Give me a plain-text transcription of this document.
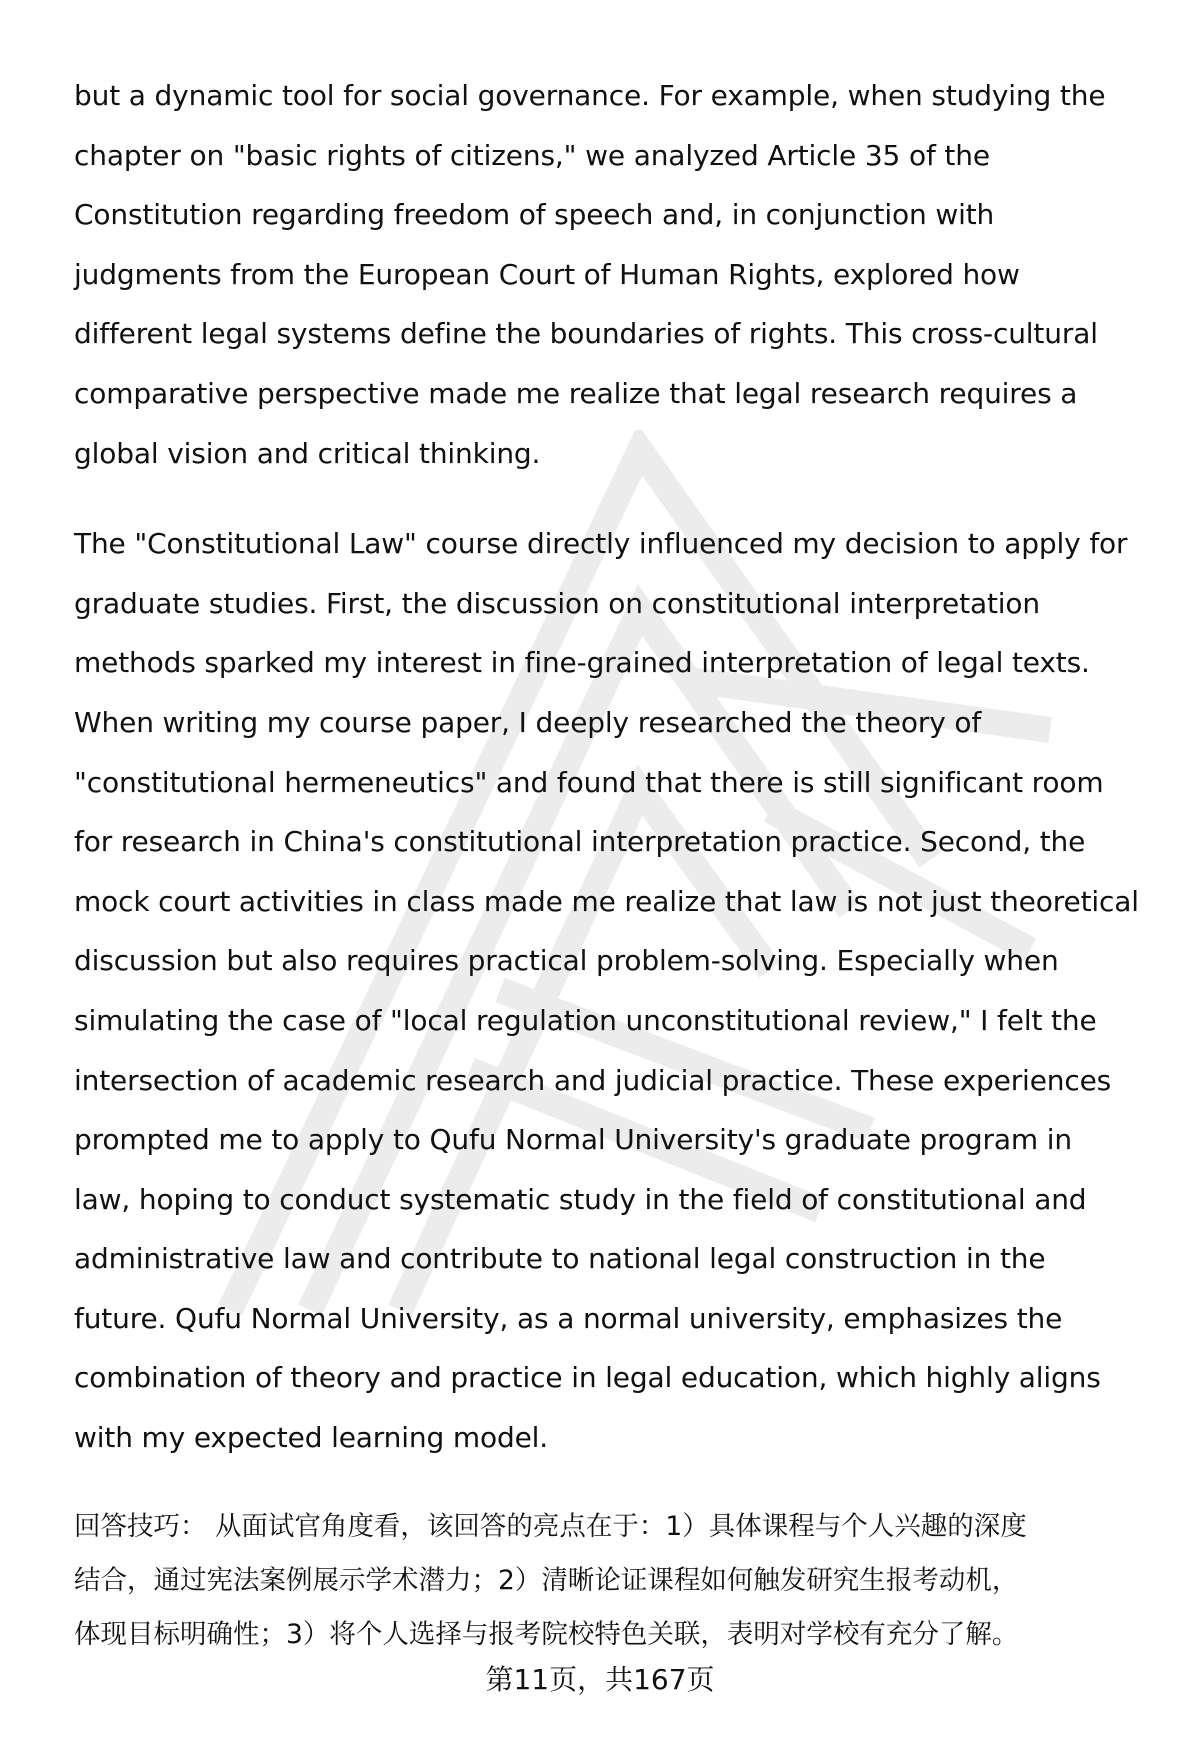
but a dynamic tool for social governance. For example, when studying the
chapter on "basic rights of citizens," we analyzed Article 35 of the
Constitution regarding freedom of speech and, in conjunction with
judgments from the European Court of Human Rights, explored how
different legal systems define the boundaries of rights. This cross-cultural
comparative perspective made me realize that legal research requires a
global vision and critical thinking.

The "Constitutional Law" course directly influenced my decision to apply for
graduate studies. First, the discussion on constitutional interpretation
methods sparked my interest in fine-grained interpretation of legal texts.
When writing my course paper, I deeply researched the theory of
"constitutional hermeneutics" and found that there is still significant room
for research in China's constitutional interpretation practice. Second, the
mock court activities in class made me realize that law is not just theoretical
discussion but also requires practical problem-solving. Especially when
simulating the case of "local regulation unconstitutional review," I felt the
intersection of academic research and judicial practice. These experiences
prompted me to apply to Qufu Normal University's graduate program in
law, hoping to conduct systematic study in the field of constitutional and
administrative law and contribute to national legal construction in the
future. Qufu Normal University, as a normal university, emphasizes the
combination of theory and practice in legal education, which highly aligns
with my expected learning model.

回答技巧： 从面试官角度看，该回答的亮点在于：1）具体课程与个人兴趣的深度
结合，通过宪法案例展示学术潜力；2）清晰论证课程如何触发研究生报考动机，
体现目标明确性；3）将个人选择与报考院校特色关联，表明对学校有充分了解。
第11页，共167页
